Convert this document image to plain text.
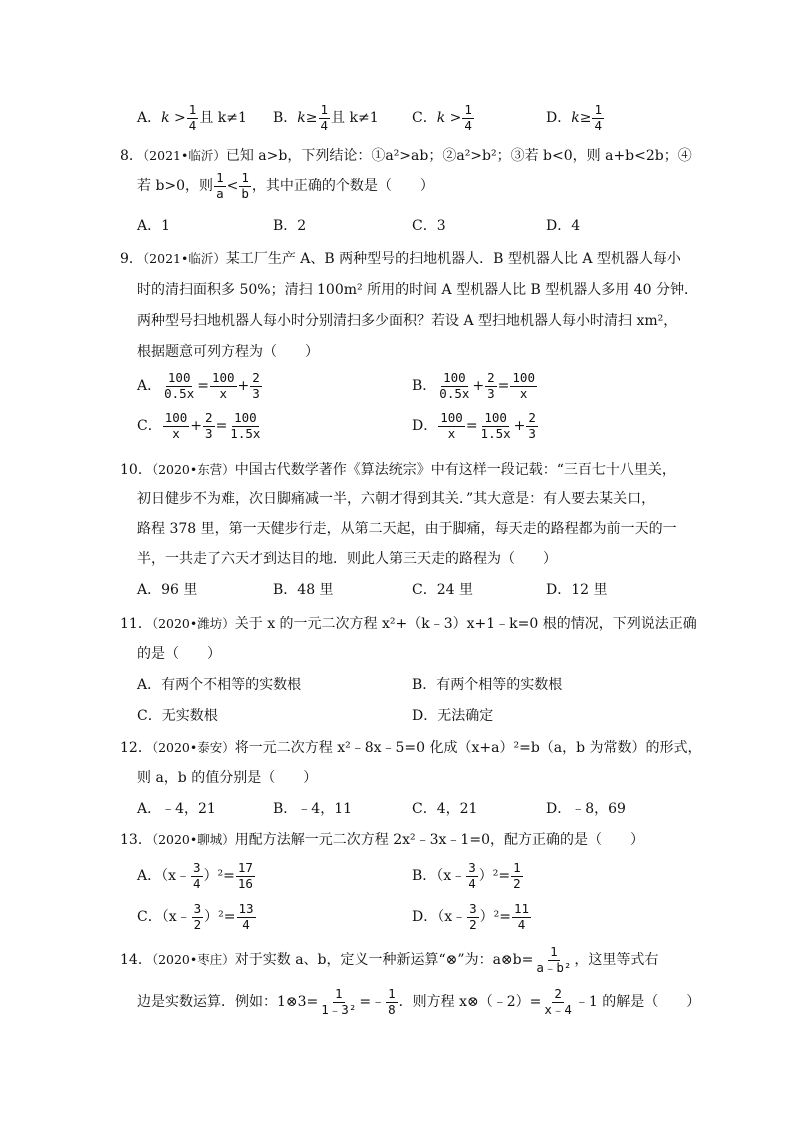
A．$k > \frac{1}{4}$ 且 k≠1 B．$k\ge \frac{1}{4}$ 且 k≠1 C．$k > \frac{1}{4}$	D．$k\ge \frac{1}{4}$
8．（2021•临沂）已知 a>b，下列结论：①a²>ab；②a²>b²；③若 b<0，则 a+b<2b；④
若 b>0，则 $\frac{1}{a} < \frac{1}{b}$ ，其中正确的个数是（　　）
A．1	B．2	C．3	D．4
9．（2021•临沂）某工厂生产 A、B 两种型号的扫地机器人．B 型机器人比 A 型机器人每小
时的清扫面积多 50%；清扫 100m² 所用的时间 A 型机器人比 B 型机器人多用 40 分钟．
两种型号扫地机器人每小时分别清扫多少面积？若设 A 型扫地机器人每小时清扫 xm²，
根据题意可列方程为（　　）
A． $\frac{100}{0.5x} = \frac{100}{x} + \frac{2}{3}$	B． $\frac{100}{0.5x} + \frac{2}{3} = \frac{100}{x}$
C． $\frac{100}{x} + \frac{2}{3} = \frac{100}{1.5x}$	D． $\frac{100}{x} = \frac{100}{1.5x} + \frac{2}{3}$
10．（2020•东营）中国古代数学著作《算法统宗》中有这样一段记载：“三百七十八里关，
初日健步不为难，次日脚痛减一半，六朝才得到其关．”其大意是：有人要去某关口，
路程 378 里，第一天健步行走，从第二天起，由于脚痛，每天走的路程都为前一天的一
半，一共走了六天才到达目的地．则此人第三天走的路程为（　　）
A．96 里	B．48 里	C．24 里	D．12 里
11．（2020•潍坊）关于 x 的一元二次方程 x²+（k﹣3）x+1﹣k=0 根的情况，下列说法正确
的是（　　）
A．有两个不相等的实数根	B．有两个相等的实数根
C．无实数根	D．无法确定
12．（2020•泰安）将一元二次方程 x²﹣8x﹣5=0 化成（x+a）²=b（a，b 为常数）的形式，
则 a，b 的值分别是（　　）
A．﹣4，21	B．﹣4，11	C．4，21	D．﹣8，69
13．（2020•聊城）用配方法解一元二次方程 2x²﹣3x﹣1=0，配方正确的是（　　）
A．（x﹣ $\frac{3}{4} )^2= \frac{17}{16}$	B．（x﹣ $\frac{3}{4} )^2= \frac{1}{2}$
C．（x﹣ $\frac{3}{2} )^2= \frac{13}{4}$	D．（x﹣ $\frac{3}{2} )^2= \frac{11}{4}$
14．（2020•枣庄）对于实数 a、b，定义一种新运算“⊗”为：a⊗b= $\frac{1}{\text{a﹣b²}}$ ，这里等式右
边是实数运算．例如：1⊗3= $\frac{1}{\text{1﹣3²}}$ =﹣ $\frac{1}{8}$ ．则方程 x⊗（﹣2）= $\frac{2}{x﹣4}$ ﹣1 的解是（　　）
